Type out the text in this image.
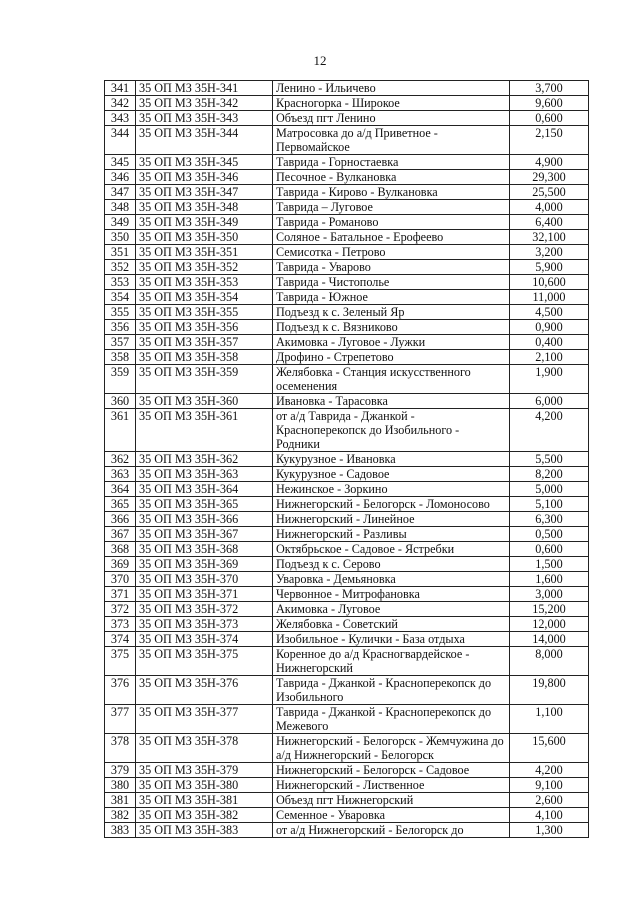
12
341	35 ОП МЗ 35Н-341	Ленино - Ильичево	3,700
342	35 ОП МЗ 35Н-342	Красногорка - Широкое	9,600
343	35 ОП МЗ 35Н-343	Объезд пгт Ленино	0,600
344	35 ОП МЗ 35Н-344	Матросовка до а/д Приветное - Первомайское	2,150
345	35 ОП МЗ 35Н-345	Таврида - Горностаевка	4,900
346	35 ОП МЗ 35Н-346	Песочное - Вулкановка	29,300
347	35 ОП МЗ 35Н-347	Таврида - Кирово - Вулкановка	25,500
348	35 ОП МЗ 35Н-348	Таврида – Луговое	4,000
349	35 ОП МЗ 35Н-349	Таврида - Романово	6,400
350	35 ОП МЗ 35Н-350	Соляное - Батальное - Ерофеево	32,100
351	35 ОП МЗ 35Н-351	Семисотка - Петрово	3,200
352	35 ОП МЗ 35Н-352	Таврида - Уварово	5,900
353	35 ОП МЗ 35Н-353	Таврида - Чистополье	10,600
354	35 ОП МЗ 35Н-354	Таврида - Южное	11,000
355	35 ОП МЗ 35Н-355	Подъезд к с. Зеленый Яр	4,500
356	35 ОП МЗ 35Н-356	Подъезд к с. Вязниково	0,900
357	35 ОП МЗ 35Н-357	Акимовка - Луговое - Лужки	0,400
358	35 ОП МЗ 35Н-358	Дрофино - Стрепетово	2,100
359	35 ОП МЗ 35Н-359	Желябовка - Станция искусственного осеменения	1,900
360	35 ОП МЗ 35Н-360	Ивановка - Тарасовка	6,000
361	35 ОП МЗ 35Н-361	от а/д Таврида - Джанкой - Красноперекопск до Изобильного - Родники	4,200
362	35 ОП МЗ 35Н-362	Кукурузное - Ивановка	5,500
363	35 ОП МЗ 35Н-363	Кукурузное - Садовое	8,200
364	35 ОП МЗ 35Н-364	Нежинское - Зоркино	5,000
365	35 ОП МЗ 35Н-365	Нижнегорский - Белогорск - Ломоносово	5,100
366	35 ОП МЗ 35Н-366	Нижнегорский - Линейное	6,300
367	35 ОП МЗ 35Н-367	Нижнегорский - Разливы	0,500
368	35 ОП МЗ 35Н-368	Октябрьское - Садовое - Ястребки	0,600
369	35 ОП МЗ 35Н-369	Подъезд к с. Серово	1,500
370	35 ОП МЗ 35Н-370	Уваровка - Демьяновка	1,600
371	35 ОП МЗ 35Н-371	Червонное - Митрофановка	3,000
372	35 ОП МЗ 35Н-372	Акимовка - Луговое	15,200
373	35 ОП МЗ 35Н-373	Желябовка - Советский	12,000
374	35 ОП МЗ 35Н-374	Изобильное - Кулички - База отдыха	14,000
375	35 ОП МЗ 35Н-375	Коренное до а/д Красногвардейское - Нижнегорский	8,000
376	35 ОП МЗ 35Н-376	Таврида - Джанкой - Красноперекопск до Изобильного	19,800
377	35 ОП МЗ 35Н-377	Таврида - Джанкой - Красноперекопск до Межевого	1,100
378	35 ОП МЗ 35Н-378	Нижнегорский - Белогорск - Жемчужина до а/д Нижнегорский - Белогорск	15,600
379	35 ОП МЗ 35Н-379	Нижнегорский - Белогорск - Садовое	4,200
380	35 ОП МЗ 35Н-380	Нижнегорский - Лиственное	9,100
381	35 ОП МЗ 35Н-381	Объезд пгт Нижнегорский	2,600
382	35 ОП МЗ 35Н-382	Семенное - Уваровка	4,100
383	35 ОП МЗ 35Н-383	от а/д Нижнегорский - Белогорск до	1,300
